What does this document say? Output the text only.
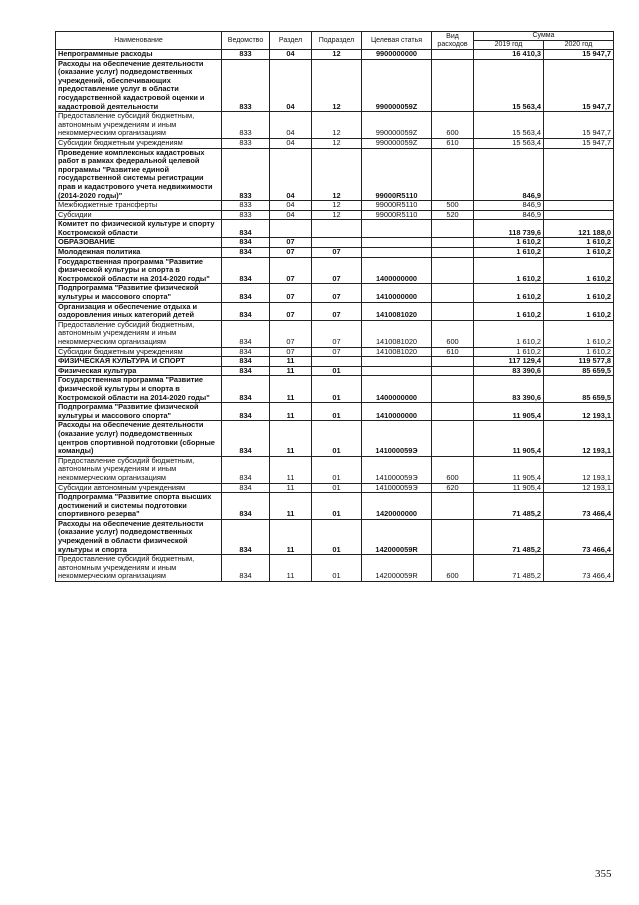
Наименование	Ведомство	Раздел	Подраздел	Целевая статья	Вид расходов	Сумма	
						2019 год	2020 год
Непрограммные расходы	833	04	12	9900000000		16 410,3	15 947,7
Расходы на обеспечение деятельности (оказание услуг) подведомственных учреждений, обеспечивающих предоставление услуг в области государственной кадастровой оценки и кадастровой деятельности	833	04	12	990000059Z		15 563,4	15 947,7
Предоставление субсидий бюджетным, автономным учреждениям и иным некоммерческим организациям	833	04	12	990000059Z	600	15 563,4	15 947,7
Субсидии бюджетным учреждениям	833	04	12	990000059Z	610	15 563,4	15 947,7
Проведение комплексных кадастровых работ в рамках федеральной целевой программы "Развитие единой государственной системы регистрации прав и кадастрового учета недвижимости (2014-2020 годы)"	833	04	12	99000R5110		846,9	
Межбюджетные трансферты	833	04	12	99000R5110	500	846,9	
Субсидии	833	04	12	99000R5110	520	846,9	
Комитет по физической культуре и спорту Костромской области	834					118 739,6	121 188,0
ОБРАЗОВАНИЕ	834	07				1 610,2	1 610,2
Молодежная политика	834	07	07			1 610,2	1 610,2
Государственная программа "Развитие физической культуры и спорта в Костромской области на 2014-2020 годы"	834	07	07	1400000000		1 610,2	1 610,2
Подпрограмма "Развитие физической культуры и массового спорта"	834	07	07	1410000000		1 610,2	1 610,2
Организация и обеспечение отдыха и оздоровления иных категорий детей	834	07	07	1410081020		1 610,2	1 610,2
Предоставление субсидий бюджетным, автономным учреждениям и иным некоммерческим организациям	834	07	07	1410081020	600	1 610,2	1 610,2
Субсидии бюджетным учреждениям	834	07	07	1410081020	610	1 610,2	1 610,2
ФИЗИЧЕСКАЯ КУЛЬТУРА И СПОРТ	834	11				117 129,4	119 577,8
Физическая культура	834	11	01			83 390,6	85 659,5
Государственная программа "Развитие физической культуры и спорта в Костромской области на 2014-2020 годы"	834	11	01	1400000000		83 390,6	85 659,5
Подпрограмма "Развитие физической культуры и массового спорта"	834	11	01	1410000000		11 905,4	12 193,1
Расходы на обеспечение деятельности (оказание услуг) подведомственных центров спортивной подготовки (сборные команды)	834	11	01	141000059Э		11 905,4	12 193,1
Предоставление субсидий бюджетным, автономным учреждениям и иным некоммерческим организациям	834	11	01	141000059Э	600	11 905,4	12 193,1
Субсидии автономным учреждениям	834	11	01	141000059Э	620	11 905,4	12 193,1
Подпрограмма "Развитие спорта высших достижений и системы подготовки спортивного резерва"	834	11	01	1420000000		71 485,2	73 466,4
Расходы на обеспечение деятельности (оказание услуг) подведомственных учреждений в области физической культуры и спорта	834	11	01	142000059R		71 485,2	73 466,4
Предоставление субсидий бюджетным, автономным учреждениям и иным некоммерческим организациям	834	11	01	142000059R	600	71 485,2	73 466,4
355
